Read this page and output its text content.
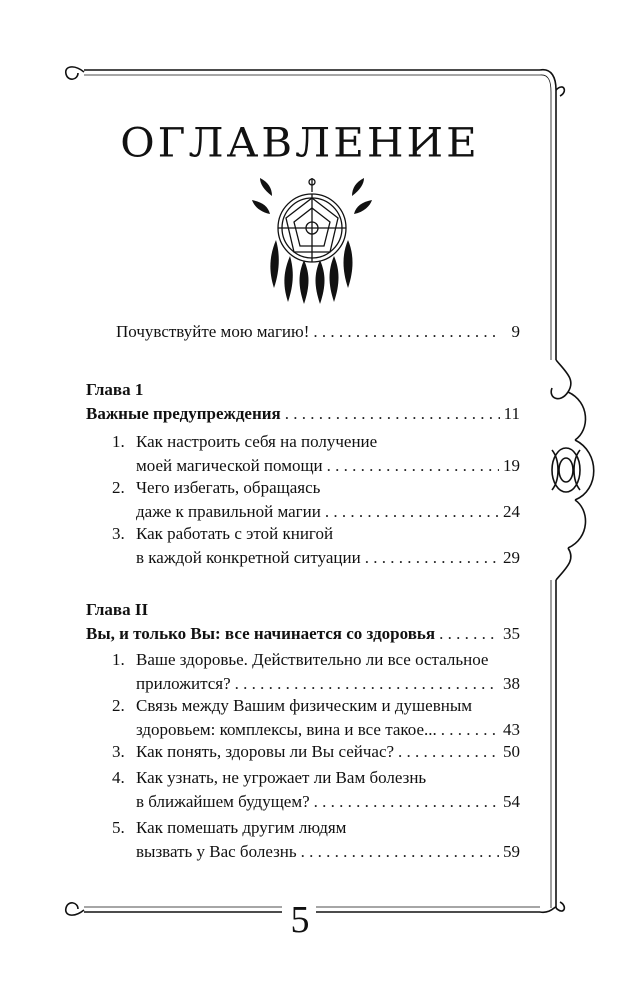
ОГЛАВЛЕНИЕ
Почувствуйте мою магию! . . .	9
Глава 1
Важные предупреждения . . .	11
1. Как настроить себя на получение
моей магической помощи . . .	19
2. Чего избегать, обращаясь
даже к правильной магии . . .	24
3. Как работать с этой книгой
в каждой конкретной ситуации . . .	29
Глава II
Вы, и только Вы: все начинается со здоровья . . .	35
1. Ваше здоровье. Действительно ли все остальное
приложится? . . .	38
2. Связь между Вашим физическим и душевным
здоровьем: комплексы, вина и все такое... . . .	43
3. Как понять, здоровы ли Вы сейчас? . . .	50
4. Как узнать, не угрожает ли Вам болезнь
в ближайшем будущем? . . .	54
5. Как помешать другим людям
вызвать у Вас болезнь . . .	59
5
